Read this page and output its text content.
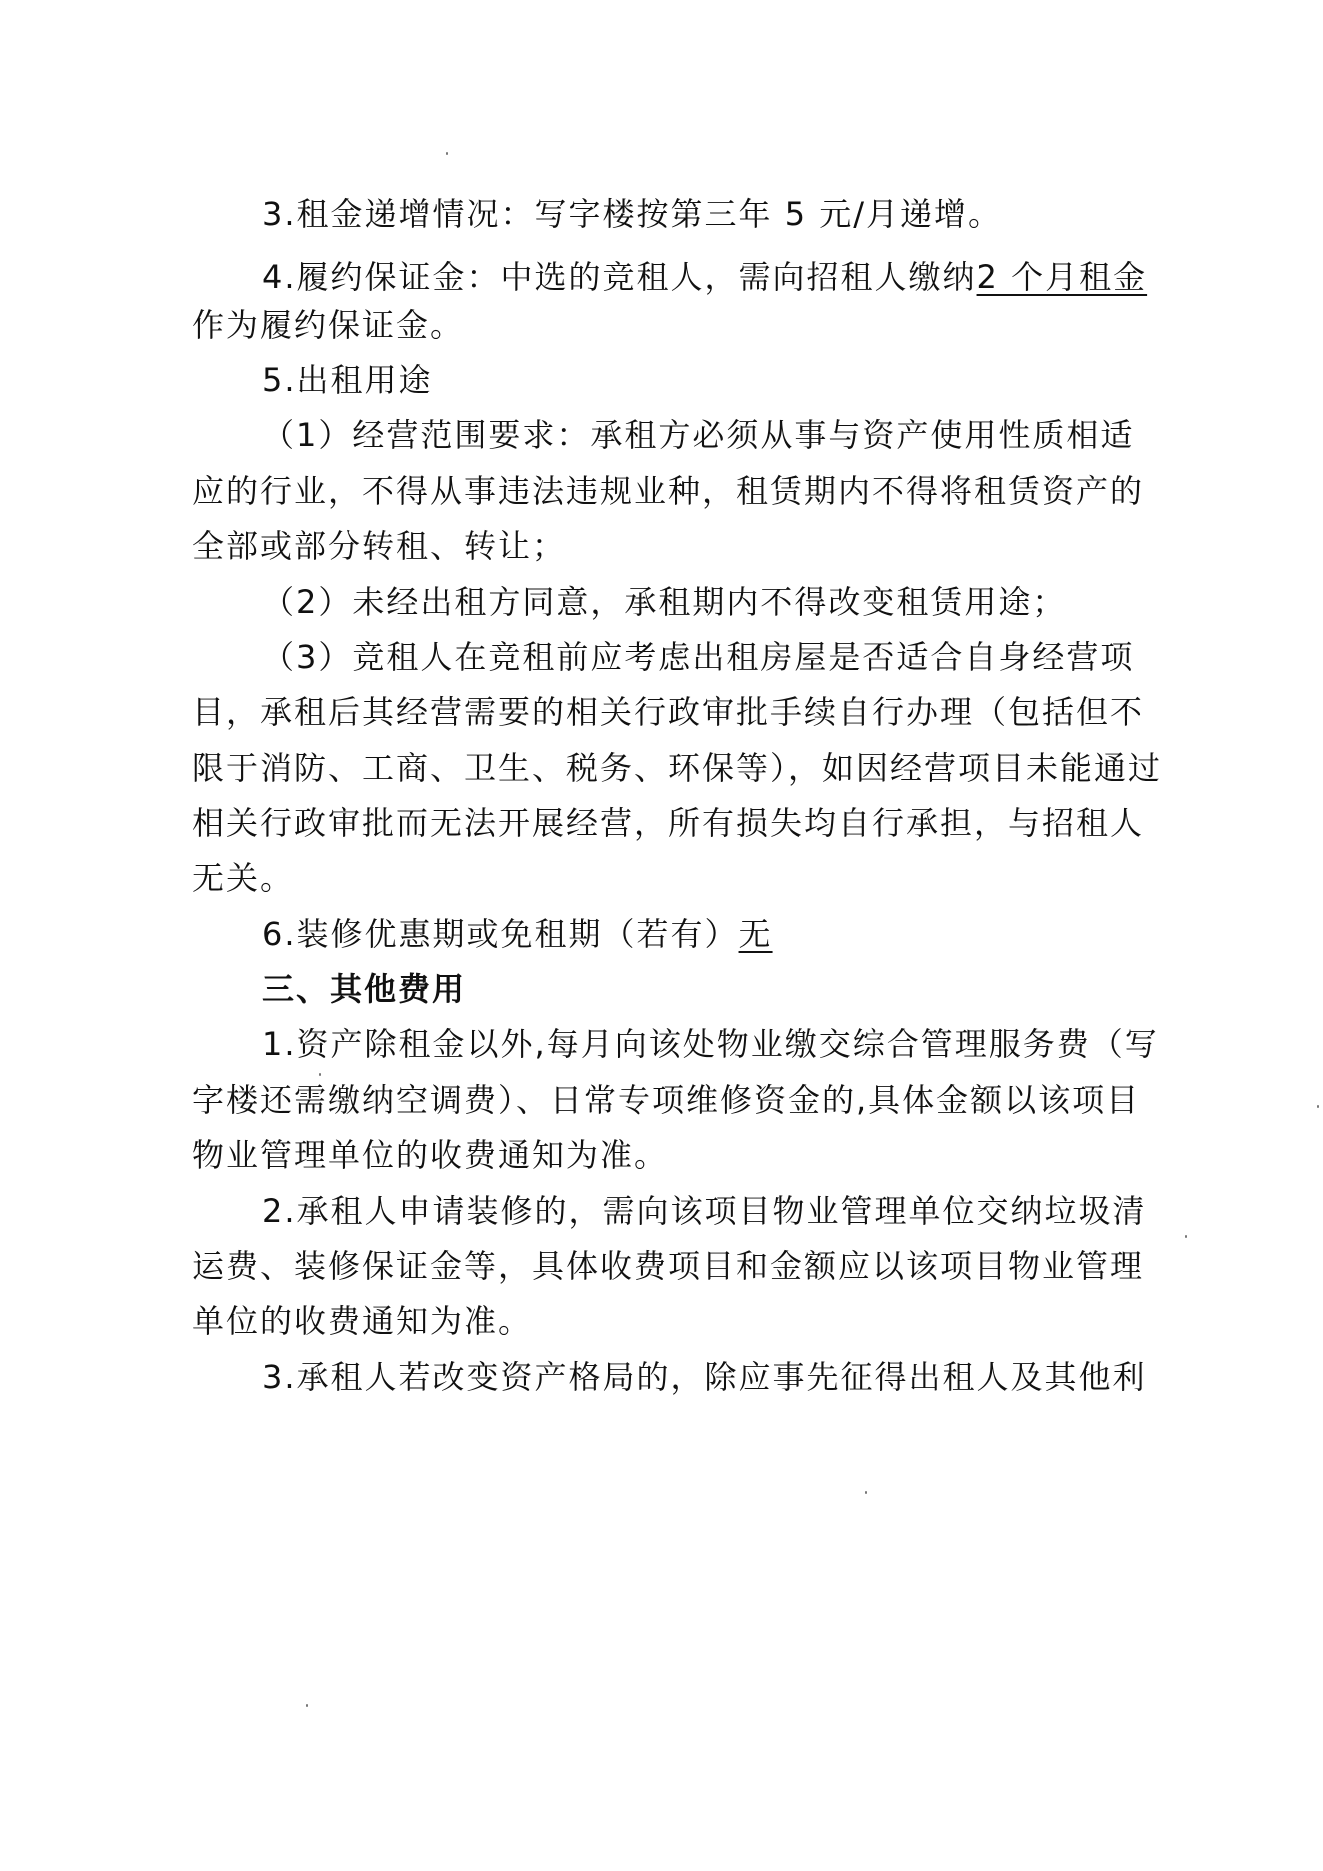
3.租金递增情况：写字楼按第三年 5 元/月递增。
4.履约保证金：中选的竞租人，需向招租人缴纳2 个月租金
作为履约保证金。
5.出租用途
（1）经营范围要求：承租方必须从事与资产使用性质相适
应的行业，不得从事违法违规业种，租赁期内不得将租赁资产的
全部或部分转租、转让；
（2）未经出租方同意，承租期内不得改变租赁用途；
（3）竞租人在竞租前应考虑出租房屋是否适合自身经营项
目，承租后其经营需要的相关行政审批手续自行办理（包括但不
限于消防、工商、卫生、税务、环保等），如因经营项目未能通过
相关行政审批而无法开展经营，所有损失均自行承担，与招租人
无关。
6.装修优惠期或免租期（若有）无
三、其他费用
1.资产除租金以外,每月向该处物业缴交综合管理服务费（写
字楼还需缴纳空调费）、日常专项维修资金的,具体金额以该项目
物业管理单位的收费通知为准。
2.承租人申请装修的，需向该项目物业管理单位交纳垃圾清
运费、装修保证金等，具体收费项目和金额应以该项目物业管理
单位的收费通知为准。
3.承租人若改变资产格局的，除应事先征得出租人及其他利
